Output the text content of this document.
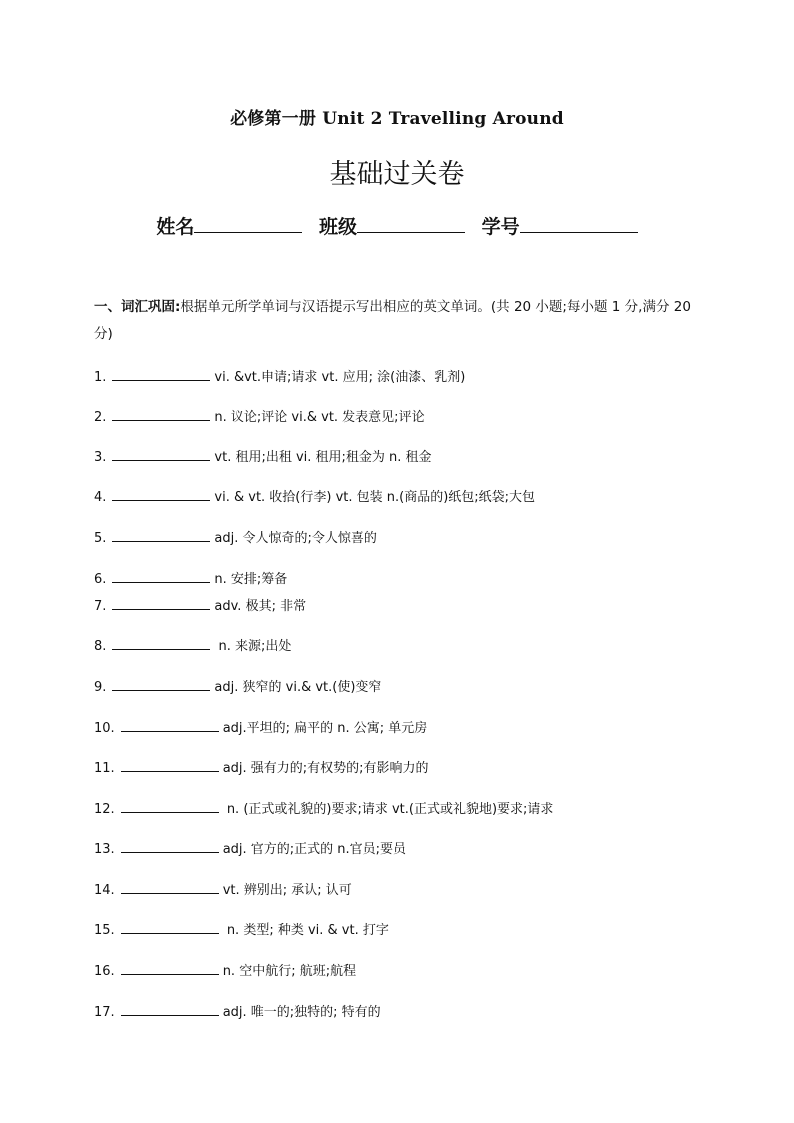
必修第一册 Unit 2 Travelling Around
基础过关卷
姓名	班级	学号
一、词汇巩固:根据单元所学单词与汉语提示写出相应的英文单词。(共 20 小题;每小题 1 分,满分 20 分)
1.	vi. &vt.申请;请求 vt. 应用; 涂(油漆、乳剂)
2.	n. 议论;评论 vi.& vt. 发表意见;评论
3.	vt. 租用;出租 vi. 租用;租金为 n. 租金
4.	vi. & vt. 收拾(行李) vt. 包装 n.(商品的)纸包;纸袋;大包
5.	adj. 令人惊奇的;令人惊喜的
6.	n. 安排;筹备
7.	adv. 极其; 非常
8.	n. 来源;出处
9.	adj. 狭窄的 vi.& vt.(使)变窄
10.	adj.平坦的; 扁平的 n. 公寓; 单元房
11.	adj. 强有力的;有权势的;有影响力的
12.	n. (正式或礼貌的)要求;请求 vt.(正式或礼貌地)要求;请求
13.	adj. 官方的;正式的 n.官员;要员
14.	vt. 辨别出; 承认; 认可
15.	n. 类型; 种类 vi. & vt. 打字
16.	n. 空中航行; 航班;航程
17.	adj. 唯一的;独特的; 特有的
